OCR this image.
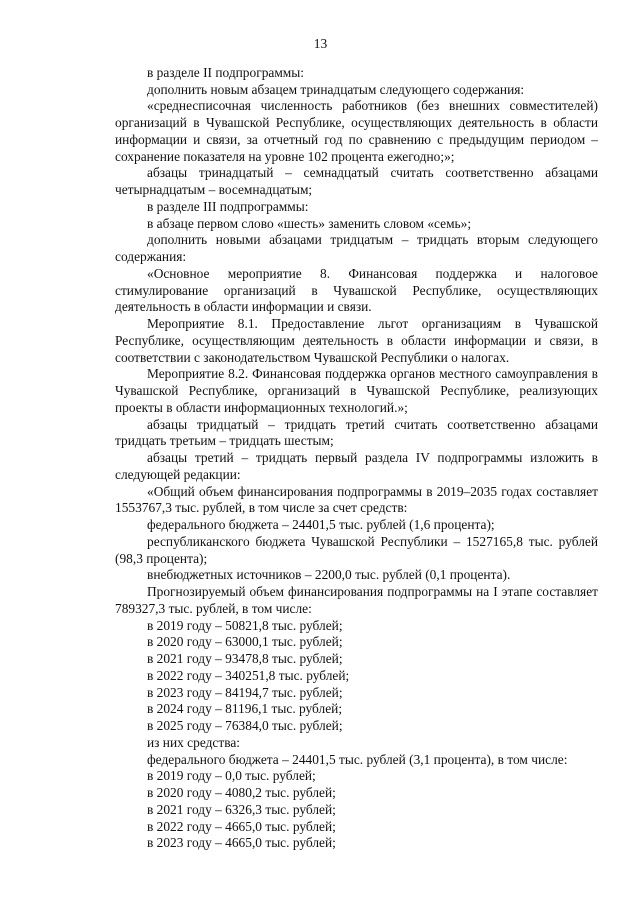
13

в разделе II подпрограммы:

дополнить новым абзацем тринадцатым следующего содержания:

«среднесписочная численность работников (без внешних совместителей) организаций в Чувашской Республике, осуществляющих деятельность в области информации и связи, за отчетный год по сравнению с предыдущим периодом – сохранение показателя на уровне 102 процента ежегодно;»;

абзацы тринадцатый – семнадцатый считать соответственно абзацами четырнадцатым – восемнадцатым;

в разделе III подпрограммы:

в абзаце первом слово «шесть» заменить словом «семь»;

дополнить новыми абзацами тридцатым – тридцать вторым следующего содержания:

«Основное мероприятие 8. Финансовая поддержка и налоговое стимулирование организаций в Чувашской Республике, осуществляющих деятельность в области информации и связи.

Мероприятие 8.1. Предоставление льгот организациям в Чувашской Республике, осуществляющим деятельность в области информации и связи, в соответствии с законодательством Чувашской Республики о налогах.

Мероприятие 8.2. Финансовая поддержка органов местного самоуправления в Чувашской Республике, организаций в Чувашской Республике, реализующих проекты в области информационных технологий.»;

абзацы тридцатый – тридцать третий считать соответственно абзацами тридцать третьим – тридцать шестым;

абзацы третий – тридцать первый раздела IV подпрограммы изложить в следующей редакции:

«Общий объем финансирования подпрограммы в 2019–2035 годах составляет 1553767,3 тыс. рублей, в том числе за счет средств:

федерального бюджета – 24401,5 тыс. рублей (1,6 процента);

республиканского бюджета Чувашской Республики – 1527165,8 тыс. рублей (98,3 процента);

внебюджетных источников – 2200,0 тыс. рублей (0,1 процента).

Прогнозируемый объем финансирования подпрограммы на I этапе составляет 789327,3 тыс. рублей, в том числе:

в 2019 году – 50821,8 тыс. рублей;

в 2020 году – 63000,1 тыс. рублей;

в 2021 году – 93478,8 тыс. рублей;

в 2022 году – 340251,8 тыс. рублей;

в 2023 году – 84194,7 тыс. рублей;

в 2024 году – 81196,1 тыс. рублей;

в 2025 году – 76384,0 тыс. рублей;

из них средства:

федерального бюджета – 24401,5 тыс. рублей (3,1 процента), в том числе:

в 2019 году – 0,0 тыс. рублей;

в 2020 году – 4080,2 тыс. рублей;

в 2021 году – 6326,3 тыс. рублей;

в 2022 году – 4665,0 тыс. рублей;

в 2023 году – 4665,0 тыс. рублей;
